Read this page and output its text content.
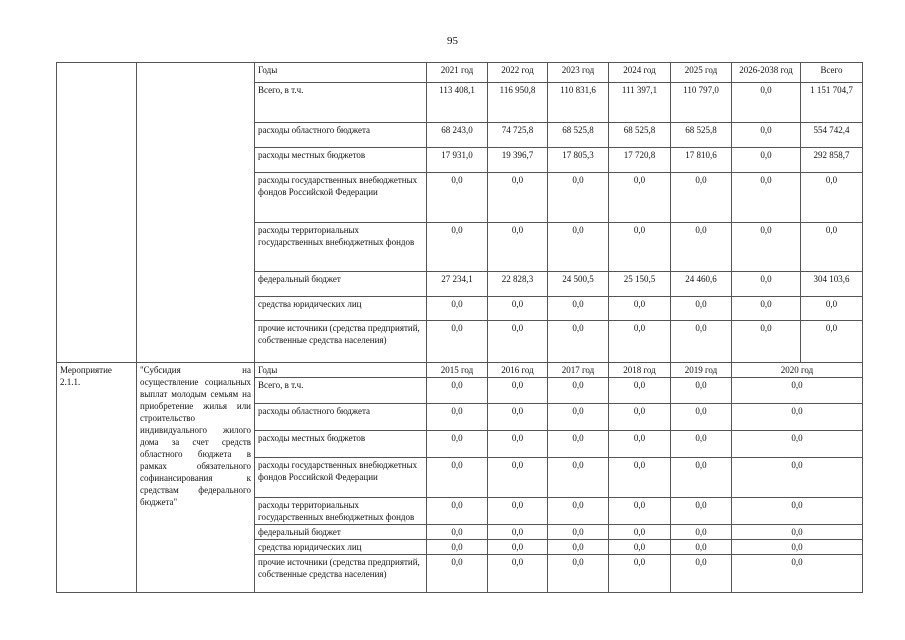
95
		Годы	2021 год	2022 год	2023 год	2024 год	2025 год	2026-2038 год	Всего
		Всего, в т.ч.	113 408,1	116 950,8	110 831,6	111 397,1	110 797,0	0,0	1 151 704,7
		расходы областного бюджета	68 243,0	74 725,8	68 525,8	68 525,8	68 525,8	0,0	554 742,4
		расходы местных бюджетов	17 931,0	19 396,7	17 805,3	17 720,8	17 810,6	0,0	292 858,7
		расходы государственных внебюджетных фондов Российской Федерации	0,0	0,0	0,0	0,0	0,0	0,0	0,0
		расходы территориальных государственных внебюджетных фондов	0,0	0,0	0,0	0,0	0,0	0,0	0,0
		федеральный бюджет	27 234,1	22 828,3	24 500,5	25 150,5	24 460,6	0,0	304 103,6
		средства юридических лиц	0,0	0,0	0,0	0,0	0,0	0,0	0,0
		прочие источники (средства предприятий, собственные средства населения)	0,0	0,0	0,0	0,0	0,0	0,0	0,0
Мероприятие 2.1.1.	"Субсидия на осуществление социальных выплат молодым семьям на приобретение жилья или строительство индивидуального жилого дома за счет средств областного бюджета в рамках обязательного софинансирования к средствам федерального бюджета"	Годы	2015 год	2016 год	2017 год	2018 год	2019 год	2020 год	
		Всего, в т.ч.	0,0	0,0	0,0	0,0	0,0	0,0	
		расходы областного бюджета	0,0	0,0	0,0	0,0	0,0	0,0	
		расходы местных бюджетов	0,0	0,0	0,0	0,0	0,0	0,0	
		расходы государственных внебюджетных фондов Российской Федерации	0,0	0,0	0,0	0,0	0,0	0,0	
		расходы территориальных государственных внебюджетных фондов	0,0	0,0	0,0	0,0	0,0	0,0	
		федеральный бюджет	0,0	0,0	0,0	0,0	0,0	0,0	
		средства юридических лиц	0,0	0,0	0,0	0,0	0,0	0,0	
		прочие источники (средства предприятий, собственные средства населения)	0,0	0,0	0,0	0,0	0,0	0,0	
